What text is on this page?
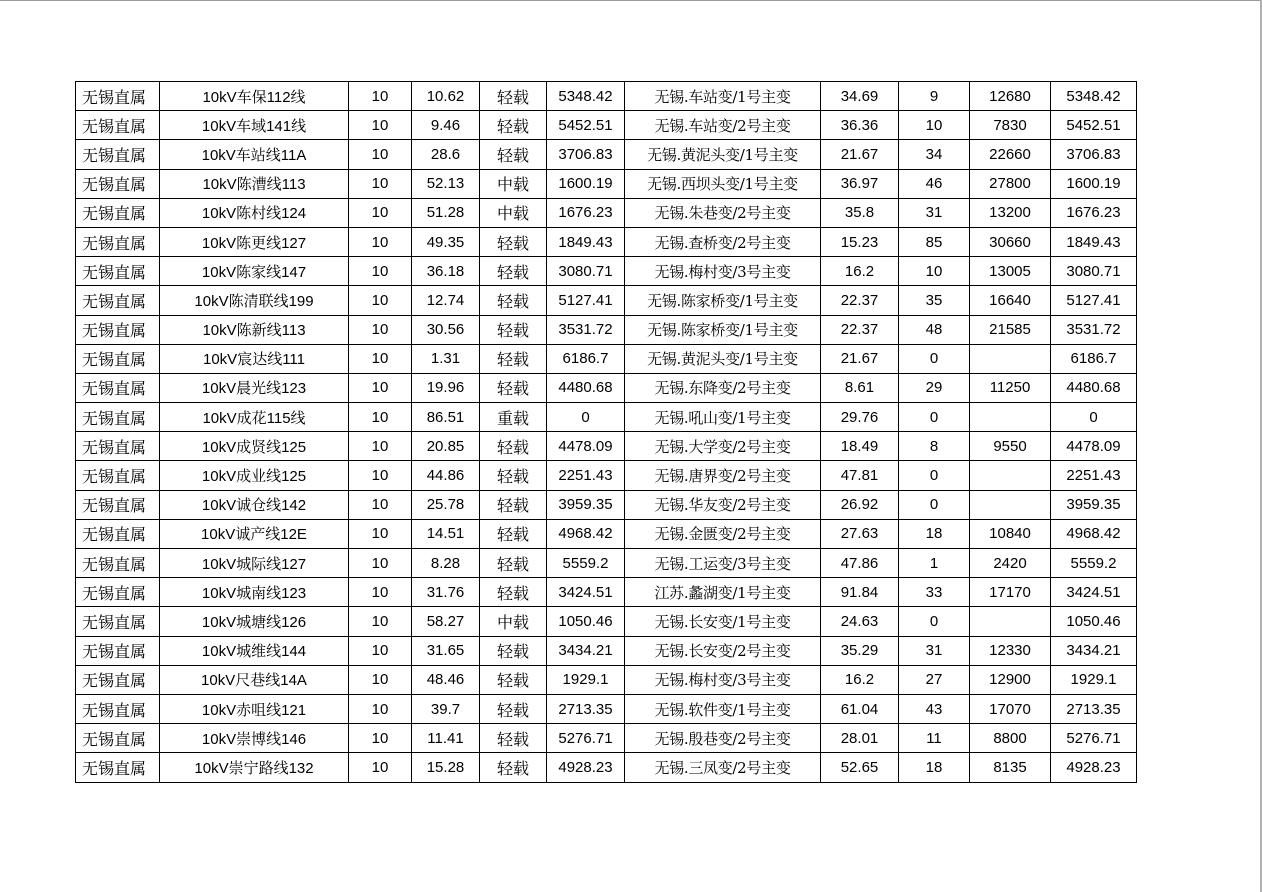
无锡直属	10kV车保112线	10	10.62	轻载	5348.42	无锡.车站变/1号主变	34.69	9	12680	5348.42
无锡直属	10kV车域141线	10	9.46	轻载	5452.51	无锡.车站变/2号主变	36.36	10	7830	5452.51
无锡直属	10kV车站线11A	10	28.6	轻载	3706.83	无锡.黄泥头变/1号主变	21.67	34	22660	3706.83
无锡直属	10kV陈漕线113	10	52.13	中载	1600.19	无锡.西坝头变/1号主变	36.97	46	27800	1600.19
无锡直属	10kV陈村线124	10	51.28	中载	1676.23	无锡.朱巷变/2号主变	35.8	31	13200	1676.23
无锡直属	10kV陈更线127	10	49.35	轻载	1849.43	无锡.查桥变/2号主变	15.23	85	30660	1849.43
无锡直属	10kV陈家线147	10	36.18	轻载	3080.71	无锡.梅村变/3号主变	16.2	10	13005	3080.71
无锡直属	10kV陈清联线199	10	12.74	轻载	5127.41	无锡.陈家桥变/1号主变	22.37	35	16640	5127.41
无锡直属	10kV陈新线113	10	30.56	轻载	3531.72	无锡.陈家桥变/1号主变	22.37	48	21585	3531.72
无锡直属	10kV宸达线111	10	1.31	轻载	6186.7	无锡.黄泥头变/1号主变	21.67	0		6186.7
无锡直属	10kV晨光线123	10	19.96	轻载	4480.68	无锡.东降变/2号主变	8.61	29	11250	4480.68
无锡直属	10kV成花115线	10	86.51	重载	0	无锡.吼山变/1号主变	29.76	0		0
无锡直属	10kV成贤线125	10	20.85	轻载	4478.09	无锡.大学变/2号主变	18.49	8	9550	4478.09
无锡直属	10kV成业线125	10	44.86	轻载	2251.43	无锡.唐界变/2号主变	47.81	0		2251.43
无锡直属	10kV诚仓线142	10	25.78	轻载	3959.35	无锡.华友变/2号主变	26.92	0		3959.35
无锡直属	10kV诚产线12E	10	14.51	轻载	4968.42	无锡.金匮变/2号主变	27.63	18	10840	4968.42
无锡直属	10kV城际线127	10	8.28	轻载	5559.2	无锡.工运变/3号主变	47.86	1	2420	5559.2
无锡直属	10kV城南线123	10	31.76	轻载	3424.51	江苏.蠡湖变/1号主变	91.84	33	17170	3424.51
无锡直属	10kV城塘线126	10	58.27	中载	1050.46	无锡.长安变/1号主变	24.63	0		1050.46
无锡直属	10kV城维线144	10	31.65	轻载	3434.21	无锡.长安变/2号主变	35.29	31	12330	3434.21
无锡直属	10kV尺巷线14A	10	48.46	轻载	1929.1	无锡.梅村变/3号主变	16.2	27	12900	1929.1
无锡直属	10kV赤咀线121	10	39.7	轻载	2713.35	无锡.软件变/1号主变	61.04	43	17070	2713.35
无锡直属	10kV崇博线146	10	11.41	轻载	5276.71	无锡.殷巷变/2号主变	28.01	11	8800	5276.71
无锡直属	10kV崇宁路线132	10	15.28	轻载	4928.23	无锡.三凤变/2号主变	52.65	18	8135	4928.23
